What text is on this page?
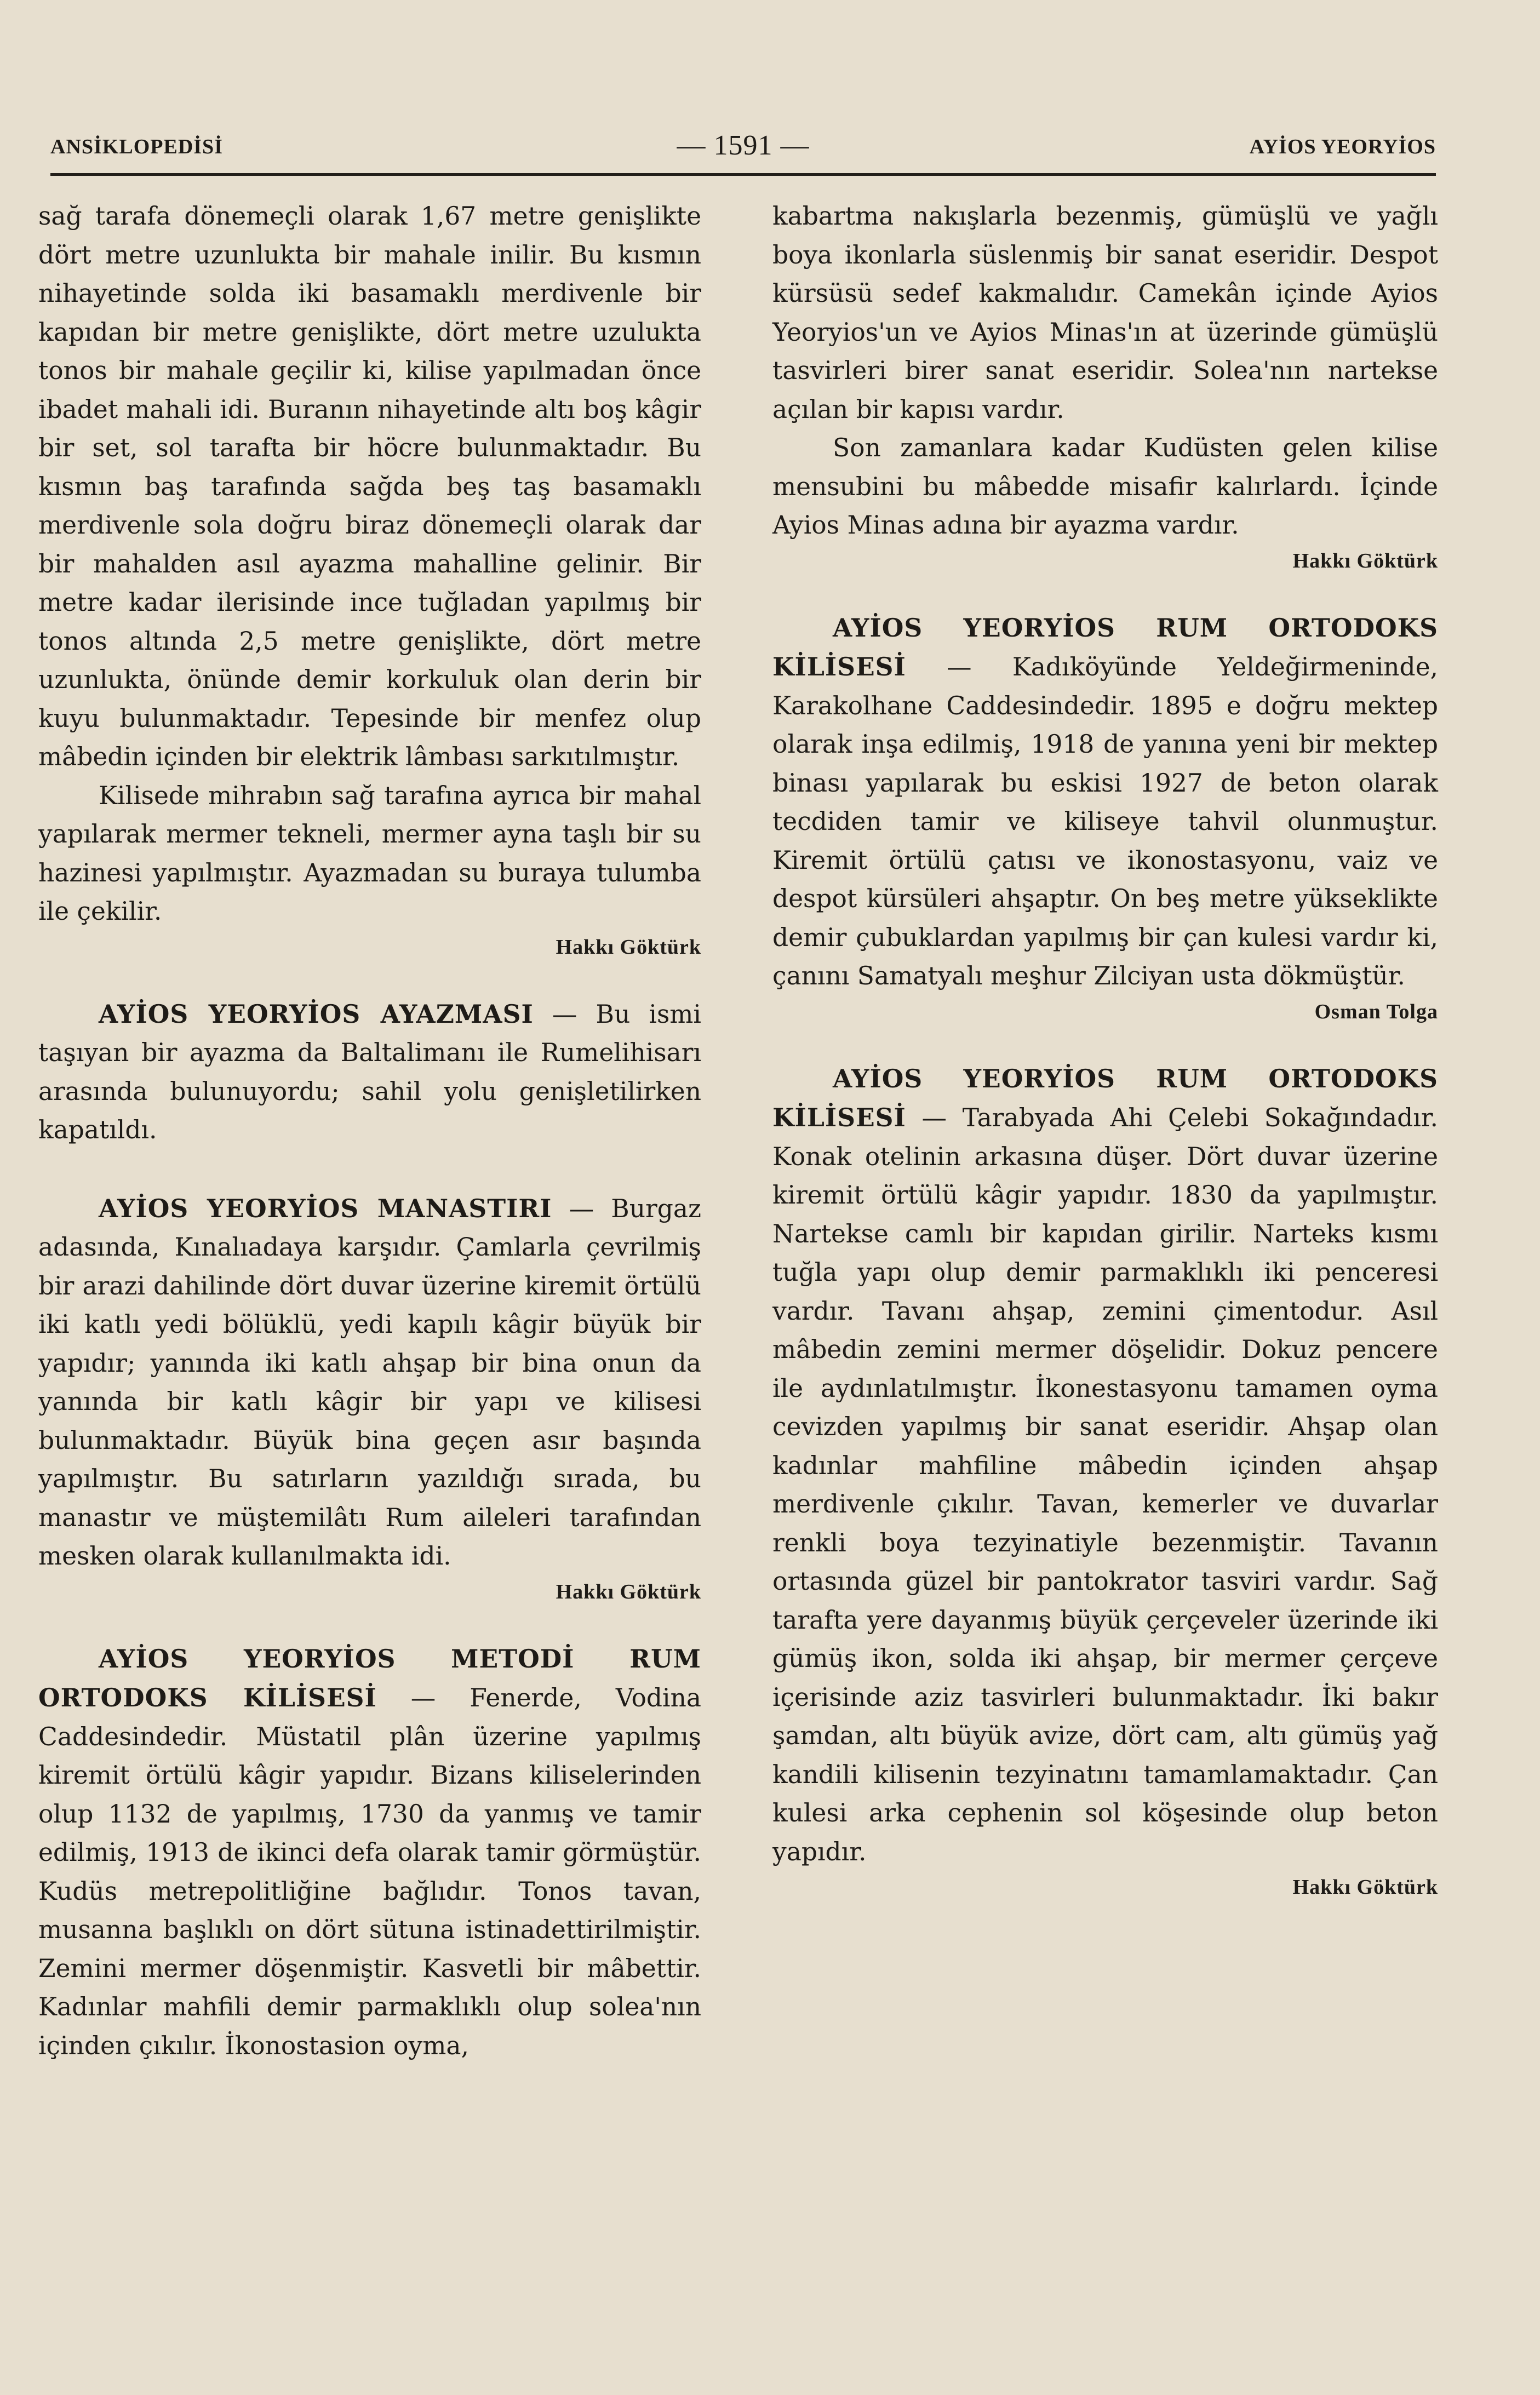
ANSİKLOPEDİSİ	— 1591 —	AYİOS YEORYİOS

sağ tarafa dönemeçli olarak 1,67 metre genişlikte dört metre uzunlukta bir mahale inilir. Bu kısmın nihayetinde solda iki basamaklı merdivenle bir kapıdan bir metre genişlikte, dört metre uzulukta tonos bir mahale geçilir ki, kilise yapılmadan önce ibadet mahali idi. Buranın nihayetinde altı boş kâgir bir set, sol tarafta bir höcre bulunmaktadır. Bu kısmın baş tarafında sağda beş taş basamaklı merdivenle sola doğru biraz dönemeçli olarak dar bir mahalden asıl ayazma mahalline gelinir. Bir metre kadar ilerisinde ince tuğladan yapılmış bir tonos altında 2,5 metre genişlikte, dört metre uzunlukta, önünde demir korkuluk olan derin bir kuyu bulunmaktadır. Tepesinde bir menfez olup mâbedin içinden bir elektrik lâmbası sarkıtılmıştır.

Kilisede mihrabın sağ tarafına ayrıca bir mahal yapılarak mermer tekneli, mermer ayna taşlı bir su hazinesi yapılmıştır. Ayazmadan su buraya tulumba ile çekilir.

Hakkı Göktürk

AYİOS YEORYİOS AYAZMASI — Bu ismi taşıyan bir ayazma da Baltalimanı ile Rumelihisarı arasında bulunuyordu; sahil yolu genişletilirken kapatıldı.

AYİOS YEORYİOS MANASTIRI — Burgaz adasında, Kınalıadaya karşıdır. Çamlarla çevrilmiş bir arazi dahilinde dört duvar üzerine kiremit örtülü iki katlı yedi bölüklü, yedi kapılı kâgir büyük bir yapıdır; yanında iki katlı ahşap bir bina onun da yanında bir katlı kâgir bir yapı ve kilisesi bulunmaktadır. Büyük bina geçen asır başında yapılmıştır. Bu satırların yazıldığı sırada, bu manastır ve müştemilâtı Rum aileleri tarafından mesken olarak kullanılmakta idi.

Hakkı Göktürk

AYİOS YEORYİOS METODİ RUM ORTODOKS KİLİSESİ — Fenerde, Vodina Caddesindedir. Müstatil plân üzerine yapılmış kiremit örtülü kâgir yapıdır. Bizans kiliselerinden olup 1132 de yapılmış, 1730 da yanmış ve tamir edilmiş, 1913 de ikinci defa olarak tamir görmüştür. Kudüs metrepolitliğine bağlıdır. Tonos tavan, musanna başlıklı on dört sütuna istinadettirilmiştir. Zemini mermer döşenmiştir. Kasvetli bir mâbettir. Kadınlar mahfili demir parmaklıklı olup solea'nın içinden çıkılır. İkonostasion oyma,

kabartma nakışlarla bezenmiş, gümüşlü ve yağlı boya ikonlarla süslenmiş bir sanat eseridir. Despot kürsüsü sedef kakmalıdır. Camekân içinde Ayios Yeoryios'un ve Ayios Minas'ın at üzerinde gümüşlü tasvirleri birer sanat eseridir. Solea'nın nartekse açılan bir kapısı vardır.

Son zamanlara kadar Kudüsten gelen kilise mensubini bu mâbedde misafir kalırlardı. İçinde Ayios Minas adına bir ayazma vardır.

Hakkı Göktürk

AYİOS YEORYİOS RUM ORTODOKS KİLİSESİ — Kadıköyünde Yeldeğirmeninde, Karakolhane Caddesindedir. 1895 e doğru mektep olarak inşa edilmiş, 1918 de yanına yeni bir mektep binası yapılarak bu eskisi 1927 de beton olarak tecdiden tamir ve kiliseye tahvil olunmuştur. Kiremit örtülü çatısı ve ikonostasyonu, vaiz ve despot kürsüleri ahşaptır. On beş metre yükseklikte demir çubuklardan yapılmış bir çan kulesi vardır ki, çanını Samatyalı meşhur Zilciyan usta dökmüştür.

Osman Tolga

AYİOS YEORYİOS RUM ORTODOKS KİLİSESİ — Tarabyada Ahi Çelebi Sokağındadır. Konak otelinin arkasına düşer. Dört duvar üzerine kiremit örtülü kâgir yapıdır. 1830 da yapılmıştır. Nartekse camlı bir kapıdan girilir. Narteks kısmı tuğla yapı olup demir parmaklıklı iki penceresi vardır. Tavanı ahşap, zemini çimentodur. Asıl mâbedin zemini mermer döşelidir. Dokuz pencere ile aydınlatılmıştır. İkonestasyonu tamamen oyma cevizden yapılmış bir sanat eseridir. Ahşap olan kadınlar mahfiline mâbedin içinden ahşap merdivenle çıkılır. Tavan, kemerler ve duvarlar renkli boya tezyinatiyle bezenmiştir. Tavanın ortasında güzel bir pantokrator tasviri vardır. Sağ tarafta yere dayanmış büyük çerçeveler üzerinde iki gümüş ikon, solda iki ahşap, bir mermer çerçeve içerisinde aziz tasvirleri bulunmaktadır. İki bakır şamdan, altı büyük avize, dört cam, altı gümüş yağ kandili kilisenin tezyinatını tamamlamaktadır. Çan kulesi arka cephenin sol köşesinde olup beton yapıdır.

Hakkı Göktürk
